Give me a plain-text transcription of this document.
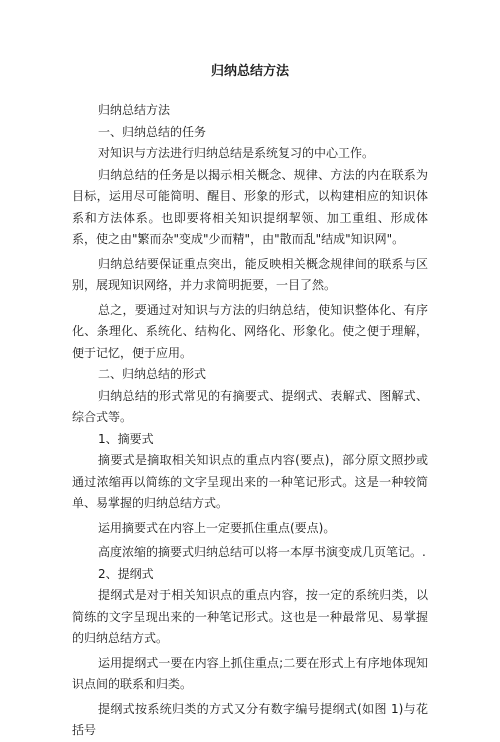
归纳总结方法

归纳总结方法

一、归纳总结的任务

对知识与方法进行归纳总结是系统复习的中心工作。

归纳总结的任务是以揭示相关概念、规律、方法的内在联系为目标，运用尽可能简明、醒目、形象的形式，以构建相应的知识体系和方法体系。也即要将相关知识提纲挈领、加工重组、形成体系，使之由"繁而杂"变成"少而精"，由"散而乱"结成"知识网"。

归纳总结要保证重点突出，能反映相关概念规律间的联系与区别，展现知识网络，并力求简明扼要，一目了然。

总之，要通过对知识与方法的归纳总结，使知识整体化、有序化、条理化、系统化、结构化、网络化、形象化。使之便于理解，便于记忆，便于应用。

二、归纳总结的形式

归纳总结的形式常见的有摘要式、提纲式、表解式、图解式、综合式等。

1、摘要式

摘要式是摘取相关知识点的重点内容(要点)，部分原文照抄或通过浓缩再以简练的文字呈现出来的一种笔记形式。这是一种较简单、易掌握的归纳总结方式。

运用摘要式在内容上一定要抓住重点(要点)。

高度浓缩的摘要式归纳总结可以将一本厚书演变成几页笔记。.

2、提纲式

提纲式是对于相关知识点的重点内容，按一定的系统归类，以简练的文字呈现出来的一种笔记形式。这也是一种最常见、易掌握的归纳总结方式。

运用提纲式一要在内容上抓住重点;二要在形式上有序地体现知识点间的联系和归类。

提纲式按系统归类的方式又分有数字编号提纲式(如图 1)与花括号
